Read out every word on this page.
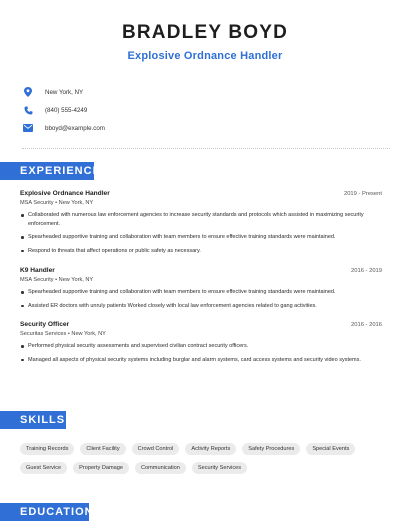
BRADLEY BOYD
Explosive Ordnance Handler
New York, NY
(840) 555-4249
bboyd@example.com
EXPERIENCE
Explosive Ordnance Handler	2019 - Present
MSA Security • New York, NY
Collaborated with numerous law enforcement agencies to increase security standards and protocols which assisted in maximizing security enforcement.
Spearheaded supportive training and collaboration with team members to ensure effective training standards were maintained.
Respond to threats that affect operations or public safety as necessary.
K9 Handler	2016 - 2019
MSA Security • New York, NY
Spearheaded supportive training and collaboration with team members to ensure effective training standards were maintained.
Assisted ER doctors with unruly patients Worked closely with local law enforcement agencies related to gang activities.
Security Officer	2016 - 2016
Securitas Services • New York, NY
Performed physical security assessments and supervised civilian contract security officers.
Managed all aspects of physical security systems including burglar and alarm systems, card access systems and security video systems.
SKILLS
Training Records	Client Facility	Crowd Control	Activity Reports	Safety Procedures	Special Events
Guest Service	Property Damage	Communication	Security Services
EDUCATION
